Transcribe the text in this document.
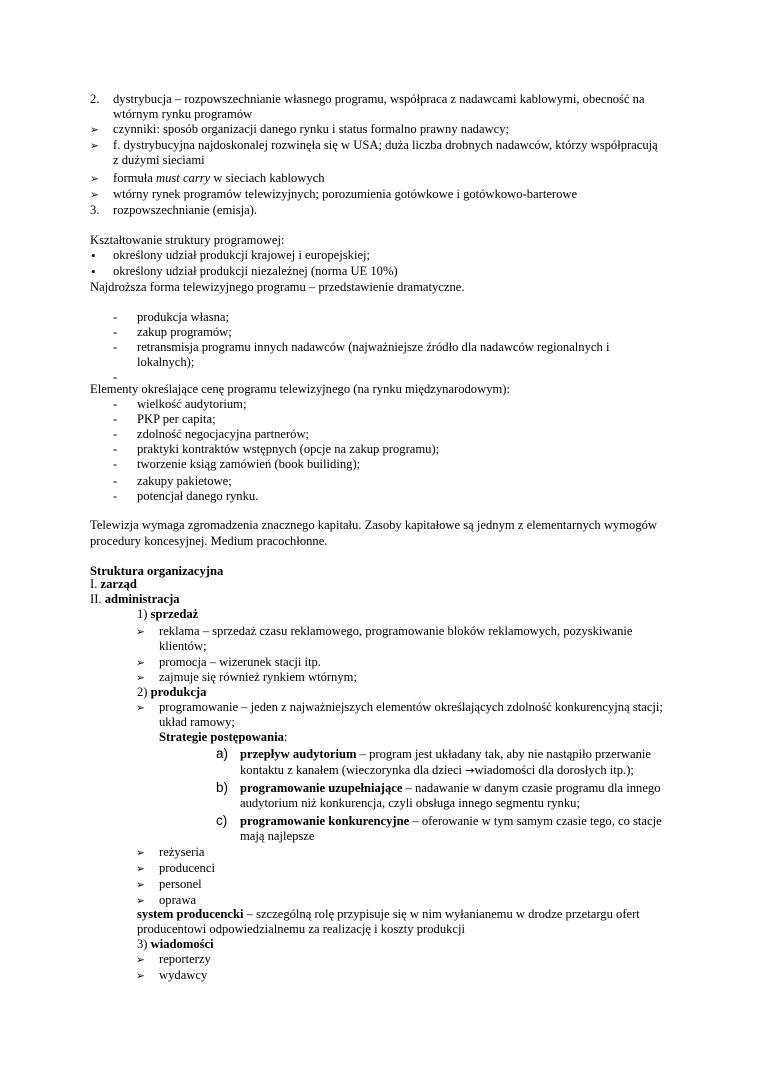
2. dystrybucja – rozpowszechnianie własnego programu, współpraca z nadawcami kablowymi, obecność na
wtórnym rynku programów
➢ czynniki: sposób organizacji danego rynku i status formalno prawny nadawcy;
➢ f. dystrybucyjna najdoskonalej rozwinęła się w USA; duża liczba drobnych nadawców, którzy współpracują
z dużymi sieciami
➢ formuła must carry w sieciach kablowych
➢ wtórny rynek programów telewizyjnych; porozumienia gotówkowe i gotówkowo-barterowe
3. rozpowszechnianie (emisja).
Kształtowanie struktury programowej:
• określony udział produkcji krajowej i europejskiej;
• określony udział produkcji niezależnej (norma UE 10%)
Najdroższa forma telewizyjnego programu – przedstawienie dramatyczne.
- produkcja własna;
- zakup programów;
- retransmisja programu innych nadawców (najważniejsze źródło dla nadawców regionalnych i
lokalnych);
-
Elementy określające cenę programu telewizyjnego (na rynku międzynarodowym):
- wielkość audytorium;
- PKP per capita;
- zdolność negocjacyjna partnerów;
- praktyki kontraktów wstępnych (opcje na zakup programu);
- tworzenie ksiąg zamówień (book builiding);
- zakupy pakietowe;
- potencjał danego rynku.
Telewizja wymaga zgromadzenia znacznego kapitału. Zasoby kapitałowe są jednym z elementarnych wymogów
procedury koncesyjnej. Medium pracochłonne.
Struktura organizacyjna
I. zarząd
II. administracja
1) sprzedaż
➢ reklama – sprzedaż czasu reklamowego, programowanie bloków reklamowych, pozyskiwanie
klientów;
➢ promocja – wizerunek stacji itp.
➢ zajmuje się również rynkiem wtórnym;
2) produkcja
➢ programowanie – jeden z najważniejszych elementów określających zdolność konkurencyjną stacji;
układ ramowy;
Strategie postępowania:
a) przepływ audytorium – program jest układany tak, aby nie nastąpiło przerwanie
kontaktu z kanałem (wieczorynka dla dzieci →wiadomości dla dorosłych itp.);
b) programowanie uzupełniające – nadawanie w danym czasie programu dla innego
audytorium niż konkurencja, czyli obsługa innego segmentu rynku;
c) programowanie konkurencyjne – oferowanie w tym samym czasie tego, co stacje
mają najlepsze
➢ reżyseria
➢ producenci
➢ personel
➢ oprawa
system producencki – szczególną rolę przypisuje się w nim wyłanianemu w drodze przetargu ofert
producentowi odpowiedzialnemu za realizację i koszty produkcji
3) wiadomości
➢ reporterzy
➢ wydawcy
